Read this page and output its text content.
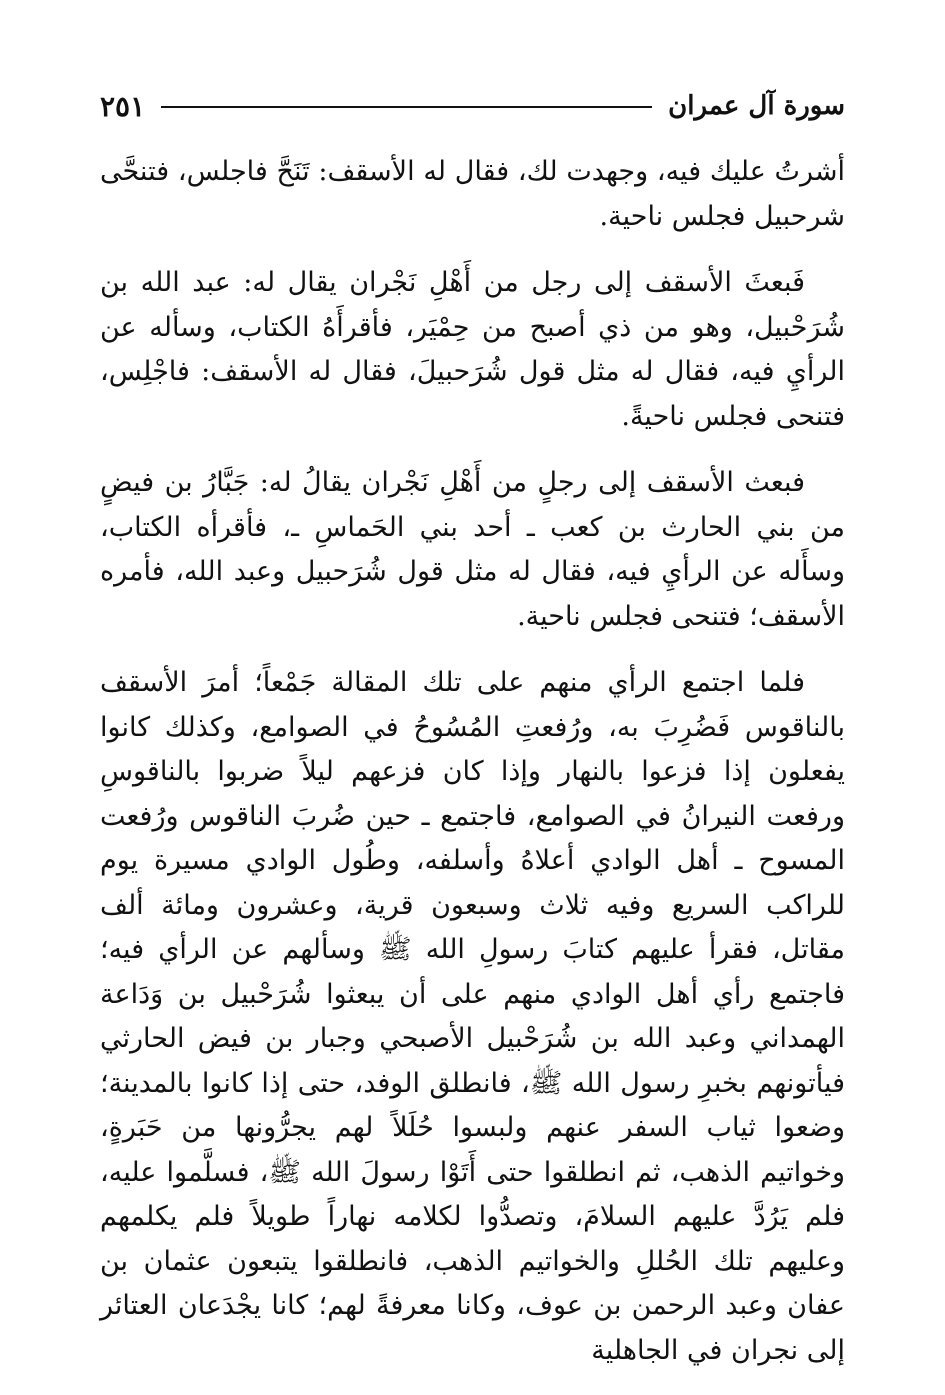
٢٥١	سورة آل عمران

أشرتُ عليك فيه، وجهدت لك، فقال له الأسقف: تَنَحَّ فاجلس، فتنحَّى شرحبيل فجلس ناحية.

فَبعثَ الأسقف إلى رجل من أَهْلِ نَجْران يقال له: عبد الله بن شُرَحْبيل، وهو من ذي أصبح من حِمْيَر، فأقرأَهُ الكتاب، وسأله عن الرأيِ فيه، فقال له مثل قول شُرَحبيلَ، فقال له الأسقف: فاجْلِس، فتنحى فجلس ناحيةً.

فبعث الأسقف إلى رجلٍ من أَهْلِ نَجْران يقالُ له: جَبَّارُ بن فيضٍ من بني الحارث بن كعب ـ أحد بني الحَماسِ ـ، فأقرأه الكتاب، وسأَله عن الرأيِ فيه، فقال له مثل قول شُرَحبيل وعبد الله، فأمره الأسقف؛ فتنحى فجلس ناحية.

فلما اجتمع الرأي منهم على تلك المقالة جَمْعاً؛ أمرَ الأسقف بالناقوس فَضُرِبَ به، ورُفعتِ المُسُوحُ في الصوامع، وكذلك كانوا يفعلون إذا فزعوا بالنهار وإذا كان فزعهم ليلاً ضربوا بالناقوسِ ورفعت النيرانُ في الصوامع، فاجتمع ـ حين ضُربَ الناقوس ورُفعت المسوح ـ أهل الوادي أعلاهُ وأسلفه، وطُول الوادي مسيرة يوم للراكب السريع وفيه ثلاث وسبعون قرية، وعشرون ومائة ألف مقاتل، فقرأ عليهم كتابَ رسولِ الله ﷺ وسألهم عن الرأي فيه؛ فاجتمع رأي أهل الوادي منهم على أن يبعثوا شُرَحْبيل بن وَدَاعة الهمداني وعبد الله بن شُرَحْبيل الأصبحي وجبار بن فيض الحارثي فيأتونهم بخبرِ رسول الله ﷺ، فانطلق الوفد، حتى إذا كانوا بالمدينة؛ وضعوا ثياب السفر عنهم ولبسوا حُلَلاً لهم يجرُّونها من حَبَرةٍ، وخواتيم الذهب، ثم انطلقوا حتى أَتَوْا رسولَ الله ﷺ، فسلَّموا عليه، فلم يَرُدَّ عليهم السلامَ، وتصدُّوا لكلامه نهاراً طويلاً فلم يكلمهم وعليهم تلك الحُللِ والخواتيم الذهب، فانطلقوا يتبعون عثمان بن عفان وعبد الرحمن بن عوف، وكانا معرفةً لهم؛ كانا يجْدَعان العتائر إلى نجران في الجاهلية
